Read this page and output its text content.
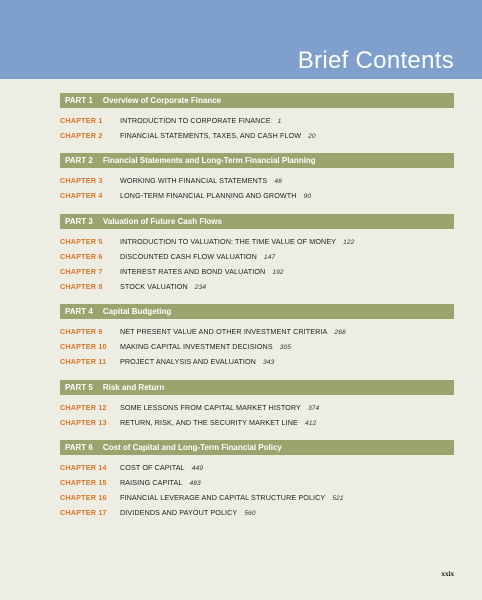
Brief Contents
PART 1 Overview of Corporate Finance
CHAPTER 1 INTRODUCTION TO CORPORATE FINANCE 1
CHAPTER 2 FINANCIAL STATEMENTS, TAXES, AND CASH FLOW 20
PART 2 Financial Statements and Long-Term Financial Planning
CHAPTER 3 WORKING WITH FINANCIAL STATEMENTS 48
CHAPTER 4 LONG-TERM FINANCIAL PLANNING AND GROWTH 90
PART 3 Valuation of Future Cash Flows
CHAPTER 5 INTRODUCTION TO VALUATION: THE TIME VALUE OF MONEY 122
CHAPTER 6 DISCOUNTED CASH FLOW VALUATION 147
CHAPTER 7 INTEREST RATES AND BOND VALUATION 192
CHAPTER 8 STOCK VALUATION 234
PART 4 Capital Budgeting
CHAPTER 9 NET PRESENT VALUE AND OTHER INVESTMENT CRITERIA 268
CHAPTER 10 MAKING CAPITAL INVESTMENT DECISIONS 305
CHAPTER 11 PROJECT ANALYSIS AND EVALUATION 343
PART 5 Risk and Return
CHAPTER 12 SOME LESSONS FROM CAPITAL MARKET HISTORY 374
CHAPTER 13 RETURN, RISK, AND THE SECURITY MARKET LINE 412
PART 6 Cost of Capital and Long-Term Financial Policy
CHAPTER 14 COST OF CAPITAL 449
CHAPTER 15 RAISING CAPITAL 483
CHAPTER 16 FINANCIAL LEVERAGE AND CAPITAL STRUCTURE POLICY 521
CHAPTER 17 DIVIDENDS AND PAYOUT POLICY 560
xxix
